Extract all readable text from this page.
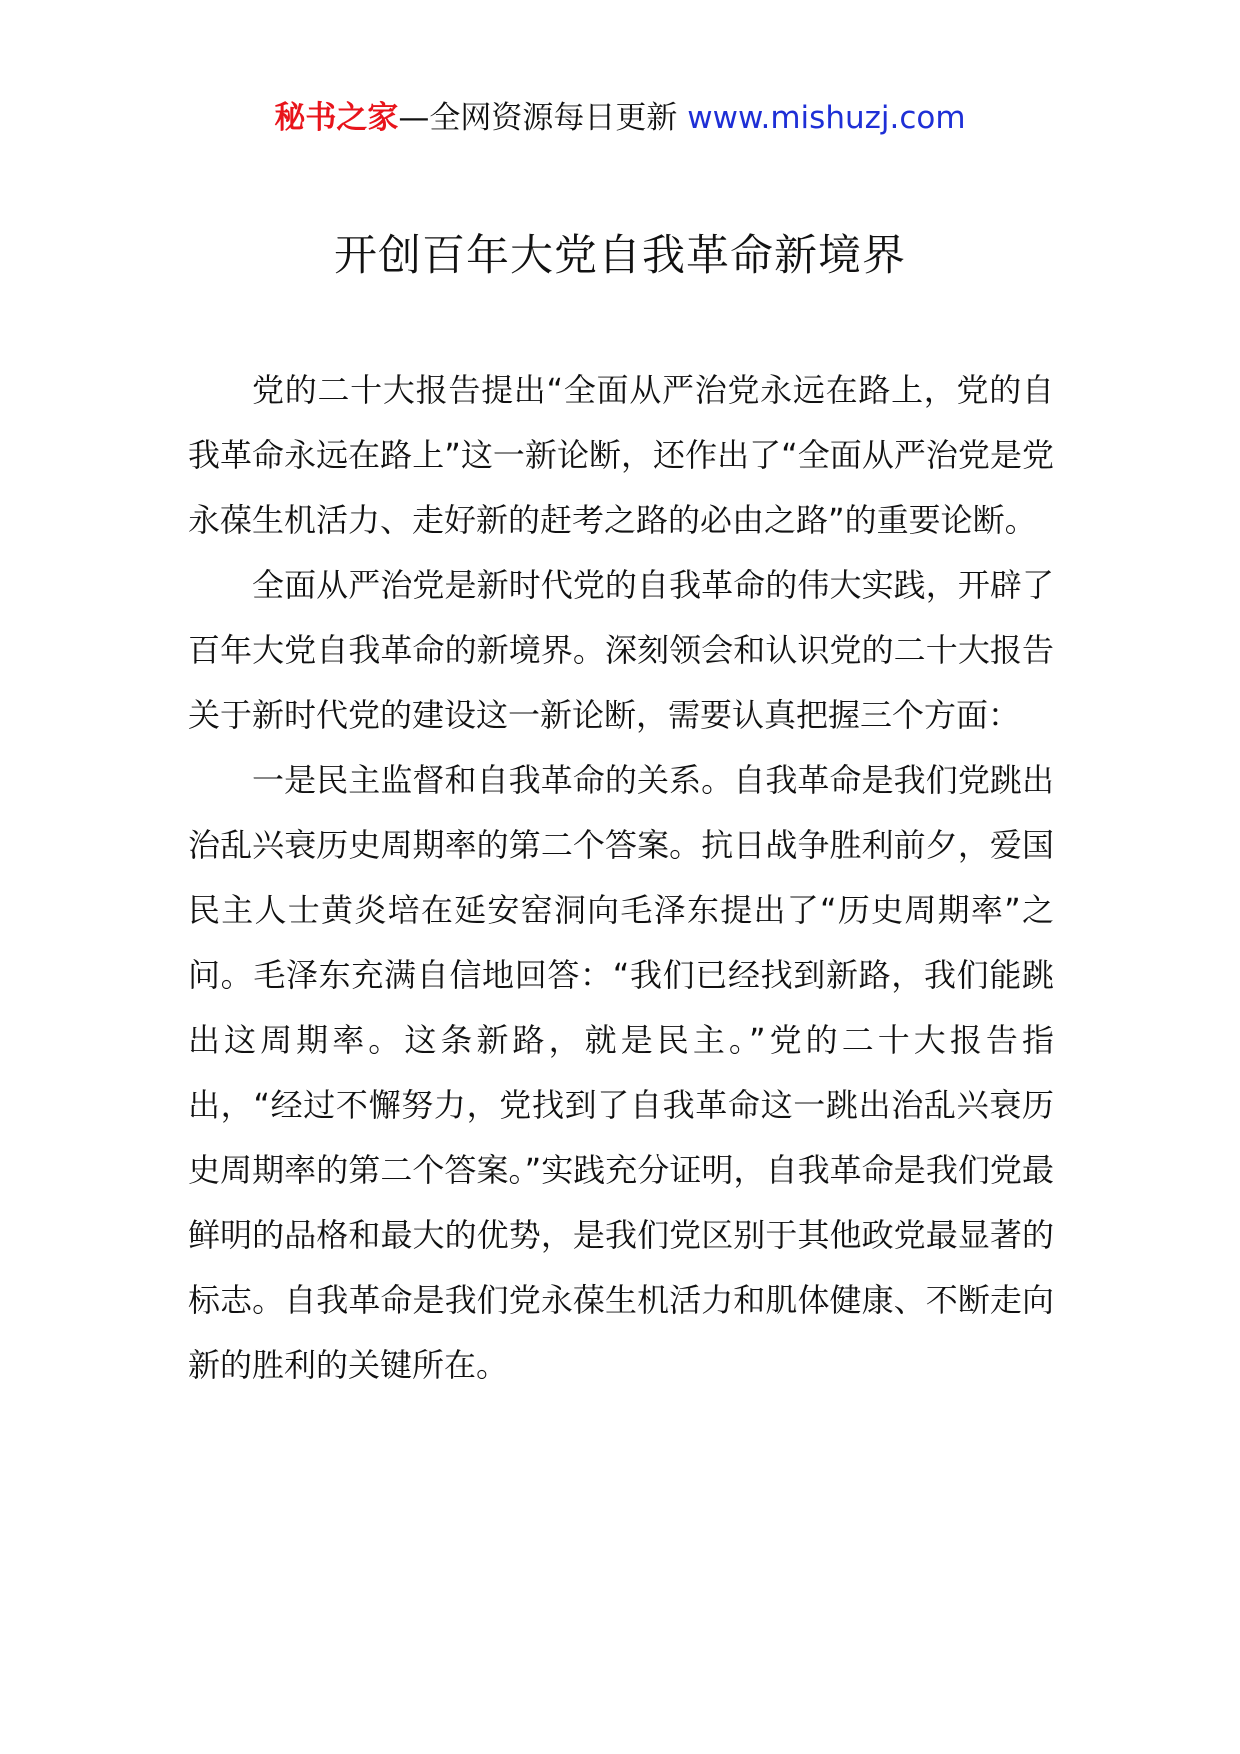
秘书之家—全网资源每日更新 www.mishuzj.com
开创百年大党自我革命新境界

党的二十大报告提出“全面从严治党永远在路上，党的自我革命永远在路上”这一新论断，还作出了“全面从严治党是党永葆生机活力、走好新的赶考之路的必由之路”的重要论断。

全面从严治党是新时代党的自我革命的伟大实践，开辟了百年大党自我革命的新境界。深刻领会和认识党的二十大报告关于新时代党的建设这一新论断，需要认真把握三个方面：

一是民主监督和自我革命的关系。自我革命是我们党跳出治乱兴衰历史周期率的第二个答案。抗日战争胜利前夕，爱国民主人士黄炎培在延安窑洞向毛泽东提出了“历史周期率”之问。毛泽东充满自信地回答：“我们已经找到新路，我们能跳出这周期率。这条新路，就是民主。”党的二十大报告指出，“经过不懈努力，党找到了自我革命这一跳出治乱兴衰历史周期率的第二个答案。”实践充分证明，自我革命是我们党最鲜明的品格和最大的优势，是我们党区别于其他政党最显著的标志。自我革命是我们党永葆生机活力和肌体健康、不断走向新的胜利的关键所在。
